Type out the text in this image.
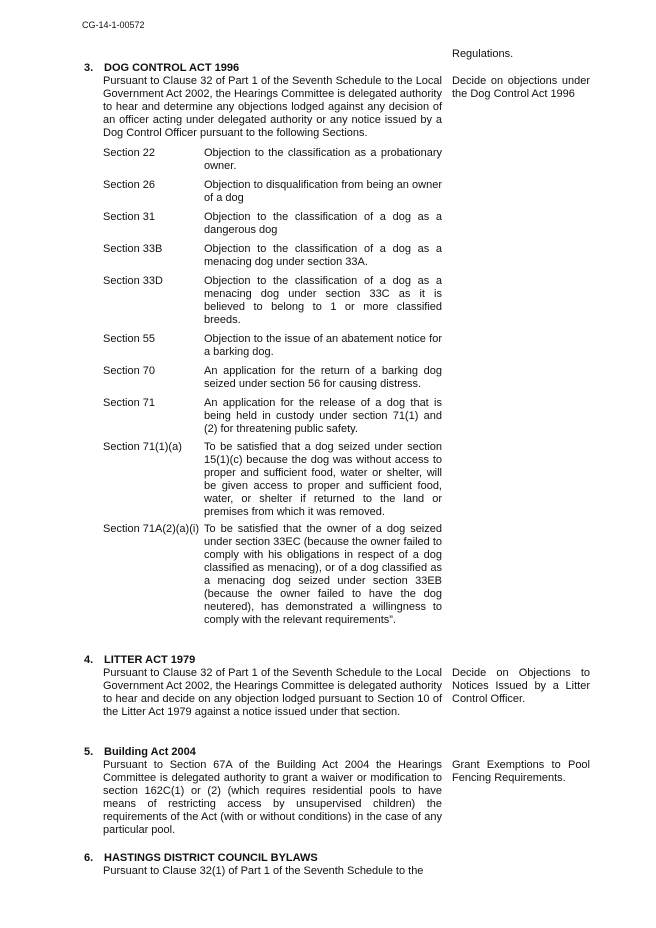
CG-14-1-00572
Regulations.
3. DOG CONTROL ACT 1996
Pursuant to Clause 32 of Part 1 of the Seventh Schedule to the Local Government Act 2002, the Hearings Committee is delegated authority to hear and determine any objections lodged against any decision of an officer acting under delegated authority or any notice issued by a Dog Control Officer pursuant to the following Sections.
Decide on objections under the Dog Control Act 1996
Section 22	Objection to the classification as a probationary owner.
Section 26	Objection to disqualification from being an owner of a dog
Section 31	Objection to the classification of a dog as a dangerous dog
Section 33B	Objection to the classification of a dog as a menacing dog under section 33A.
Section 33D	Objection to the classification of a dog as a menacing dog under section 33C as it is believed to belong to 1 or more classified breeds.
Section 55	Objection to the issue of an abatement notice for a barking dog.
Section 70	An application for the return of a barking dog seized under section 56 for causing distress.
Section 71	An application for the release of a dog that is being held in custody under section 71(1) and (2) for threatening public safety.
Section 71(1)(a)	To be satisfied that a dog seized under section 15(1)(c) because the dog was without access to proper and sufficient food, water or shelter, will be given access to proper and sufficient food, water, or shelter if returned to the land or premises from which it was removed.
Section 71A(2)(a)(i) To be satisfied that the owner of a dog seized under section 33EC (because the owner failed to comply with his obligations in respect of a dog classified as menacing), or of a dog classified as a menacing dog seized under section 33EB (because the owner failed to have the dog neutered), has demonstrated a willingness to comply with the relevant requirements”.
4. LITTER ACT 1979
Pursuant to Clause 32 of Part 1 of the Seventh Schedule to the Local Government Act 2002, the Hearings Committee is delegated authority to hear and decide on any objection lodged pursuant to Section 10 of the Litter Act 1979 against a notice issued under that section.
Decide on Objections to Notices Issued by a Litter Control Officer.
5. Building Act 2004
Pursuant to Section 67A of the Building Act 2004 the Hearings Committee is delegated authority to grant a waiver or modification to section 162C(1) or (2) (which requires residential pools to have means of restricting access by unsupervised children) the requirements of the Act (with or without conditions) in the case of any particular pool.
Grant Exemptions to Pool Fencing Requirements.
6. HASTINGS DISTRICT COUNCIL BYLAWS
Pursuant to Clause 32(1) of Part 1 of the Seventh Schedule to the
